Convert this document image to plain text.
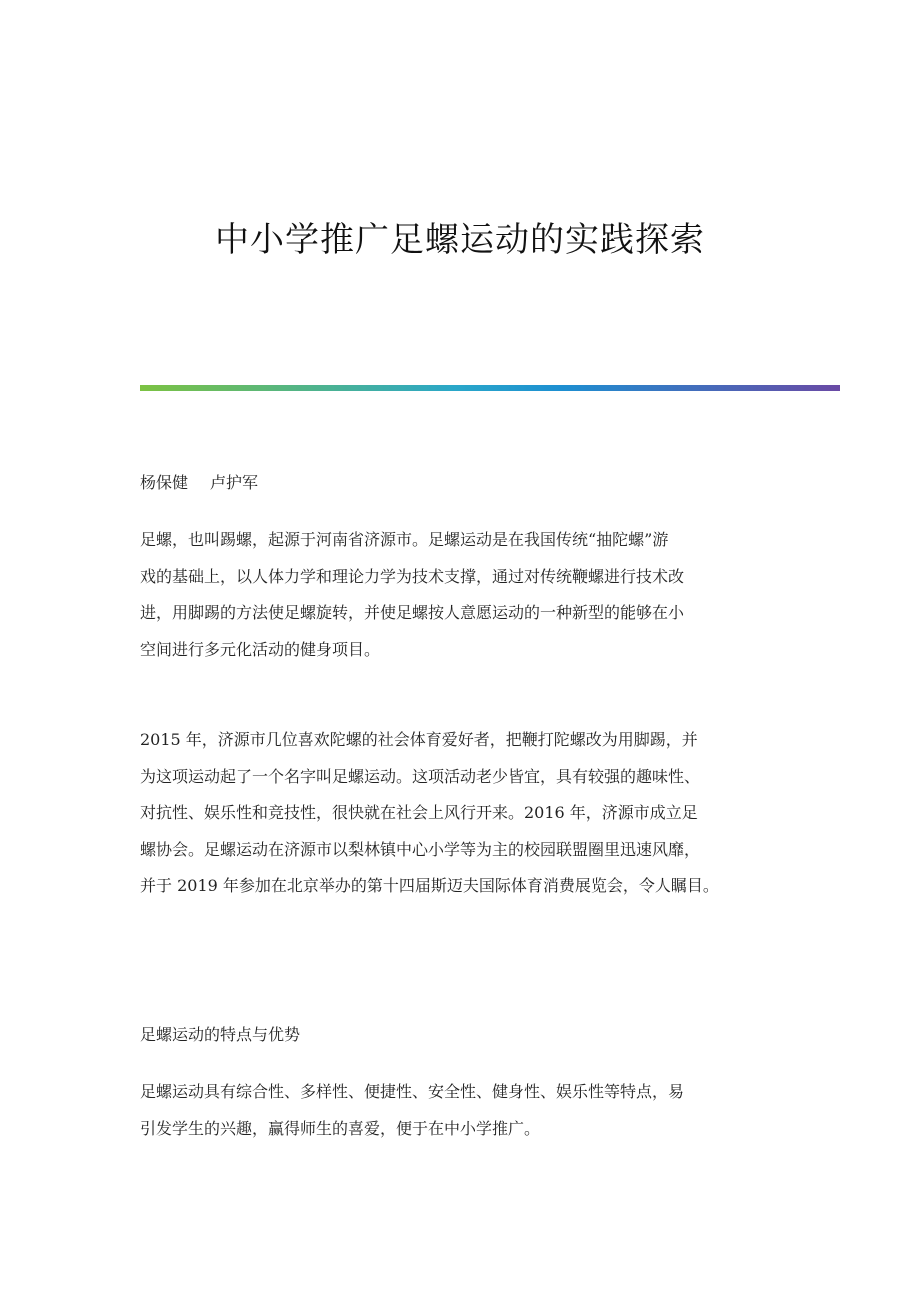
中小学推广足螺运动的实践探索

杨保健 卢护军

足螺，也叫踢螺，起源于河南省济源市。足螺运动是在我国传统“抽陀螺”游

戏的基础上，以人体力学和理论力学为技术支撑，通过对传统鞭螺进行技术改

进，用脚踢的方法使足螺旋转，并使足螺按人意愿运动的一种新型的能够在小

空间进行多元化活动的健身项目。

2015 年，济源市几位喜欢陀螺的社会体育爱好者，把鞭打陀螺改为用脚踢，并

为这项运动起了一个名字叫足螺运动。这项活动老少皆宜，具有较强的趣味性、

对抗性、娱乐性和竞技性，很快就在社会上风行开来。2016 年，济源市成立足

螺协会。足螺运动在济源市以梨林镇中心小学等为主的校园联盟圈里迅速风靡，

并于 2019 年参加在北京举办的第十四届斯迈夫国际体育消费展览会，令人瞩目。

足螺运动的特点与优势

足螺运动具有综合性、多样性、便捷性、安全性、健身性、娱乐性等特点，易

引发学生的兴趣，赢得师生的喜爱，便于在中小学推广。
